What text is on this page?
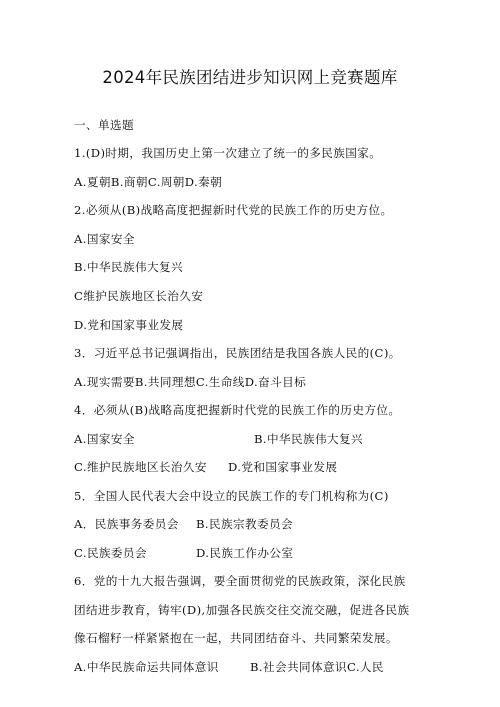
2024年民族团结进步知识网上竞赛题库
一、单选题
1.(D)时期，我国历史上第一次建立了统一的多民族国家。
A.夏朝B.商朝C.周朝D.秦朝
2.必须从(B)战略高度把握新时代党的民族工作的历史方位。
A.国家安全
B.中华民族伟大复兴
C维护民族地区长治久安
D.党和国家事业发展
3．习近平总书记强调指出，民族团结是我国各族人民的(C)。
A.现实需要B.共同理想C.生命线D.奋斗目标
4．必须从(B)战略高度把握新时代党的民族工作的历史方位。
A.国家安全	B.中华民族伟大复兴
C.维护民族地区长治久安 D.党和国家事业发展
5．全国人民代表大会中设立的民族工作的专门机构称为(C)
A．民族事务委员会 B.民族宗教委员会
C.民族委员会	D.民族工作办公室
6．党的十九大报告强调，要全面贯彻党的民族政策，深化民族
团结进步教育，铸牢(D),加强各民族交往交流交融，促进各民族
像石榴籽一样紧紧抱在一起，共同团结奋斗、共同繁荣发展。
A.中华民族命运共同体意识	B.社会共同体意识C.人民
